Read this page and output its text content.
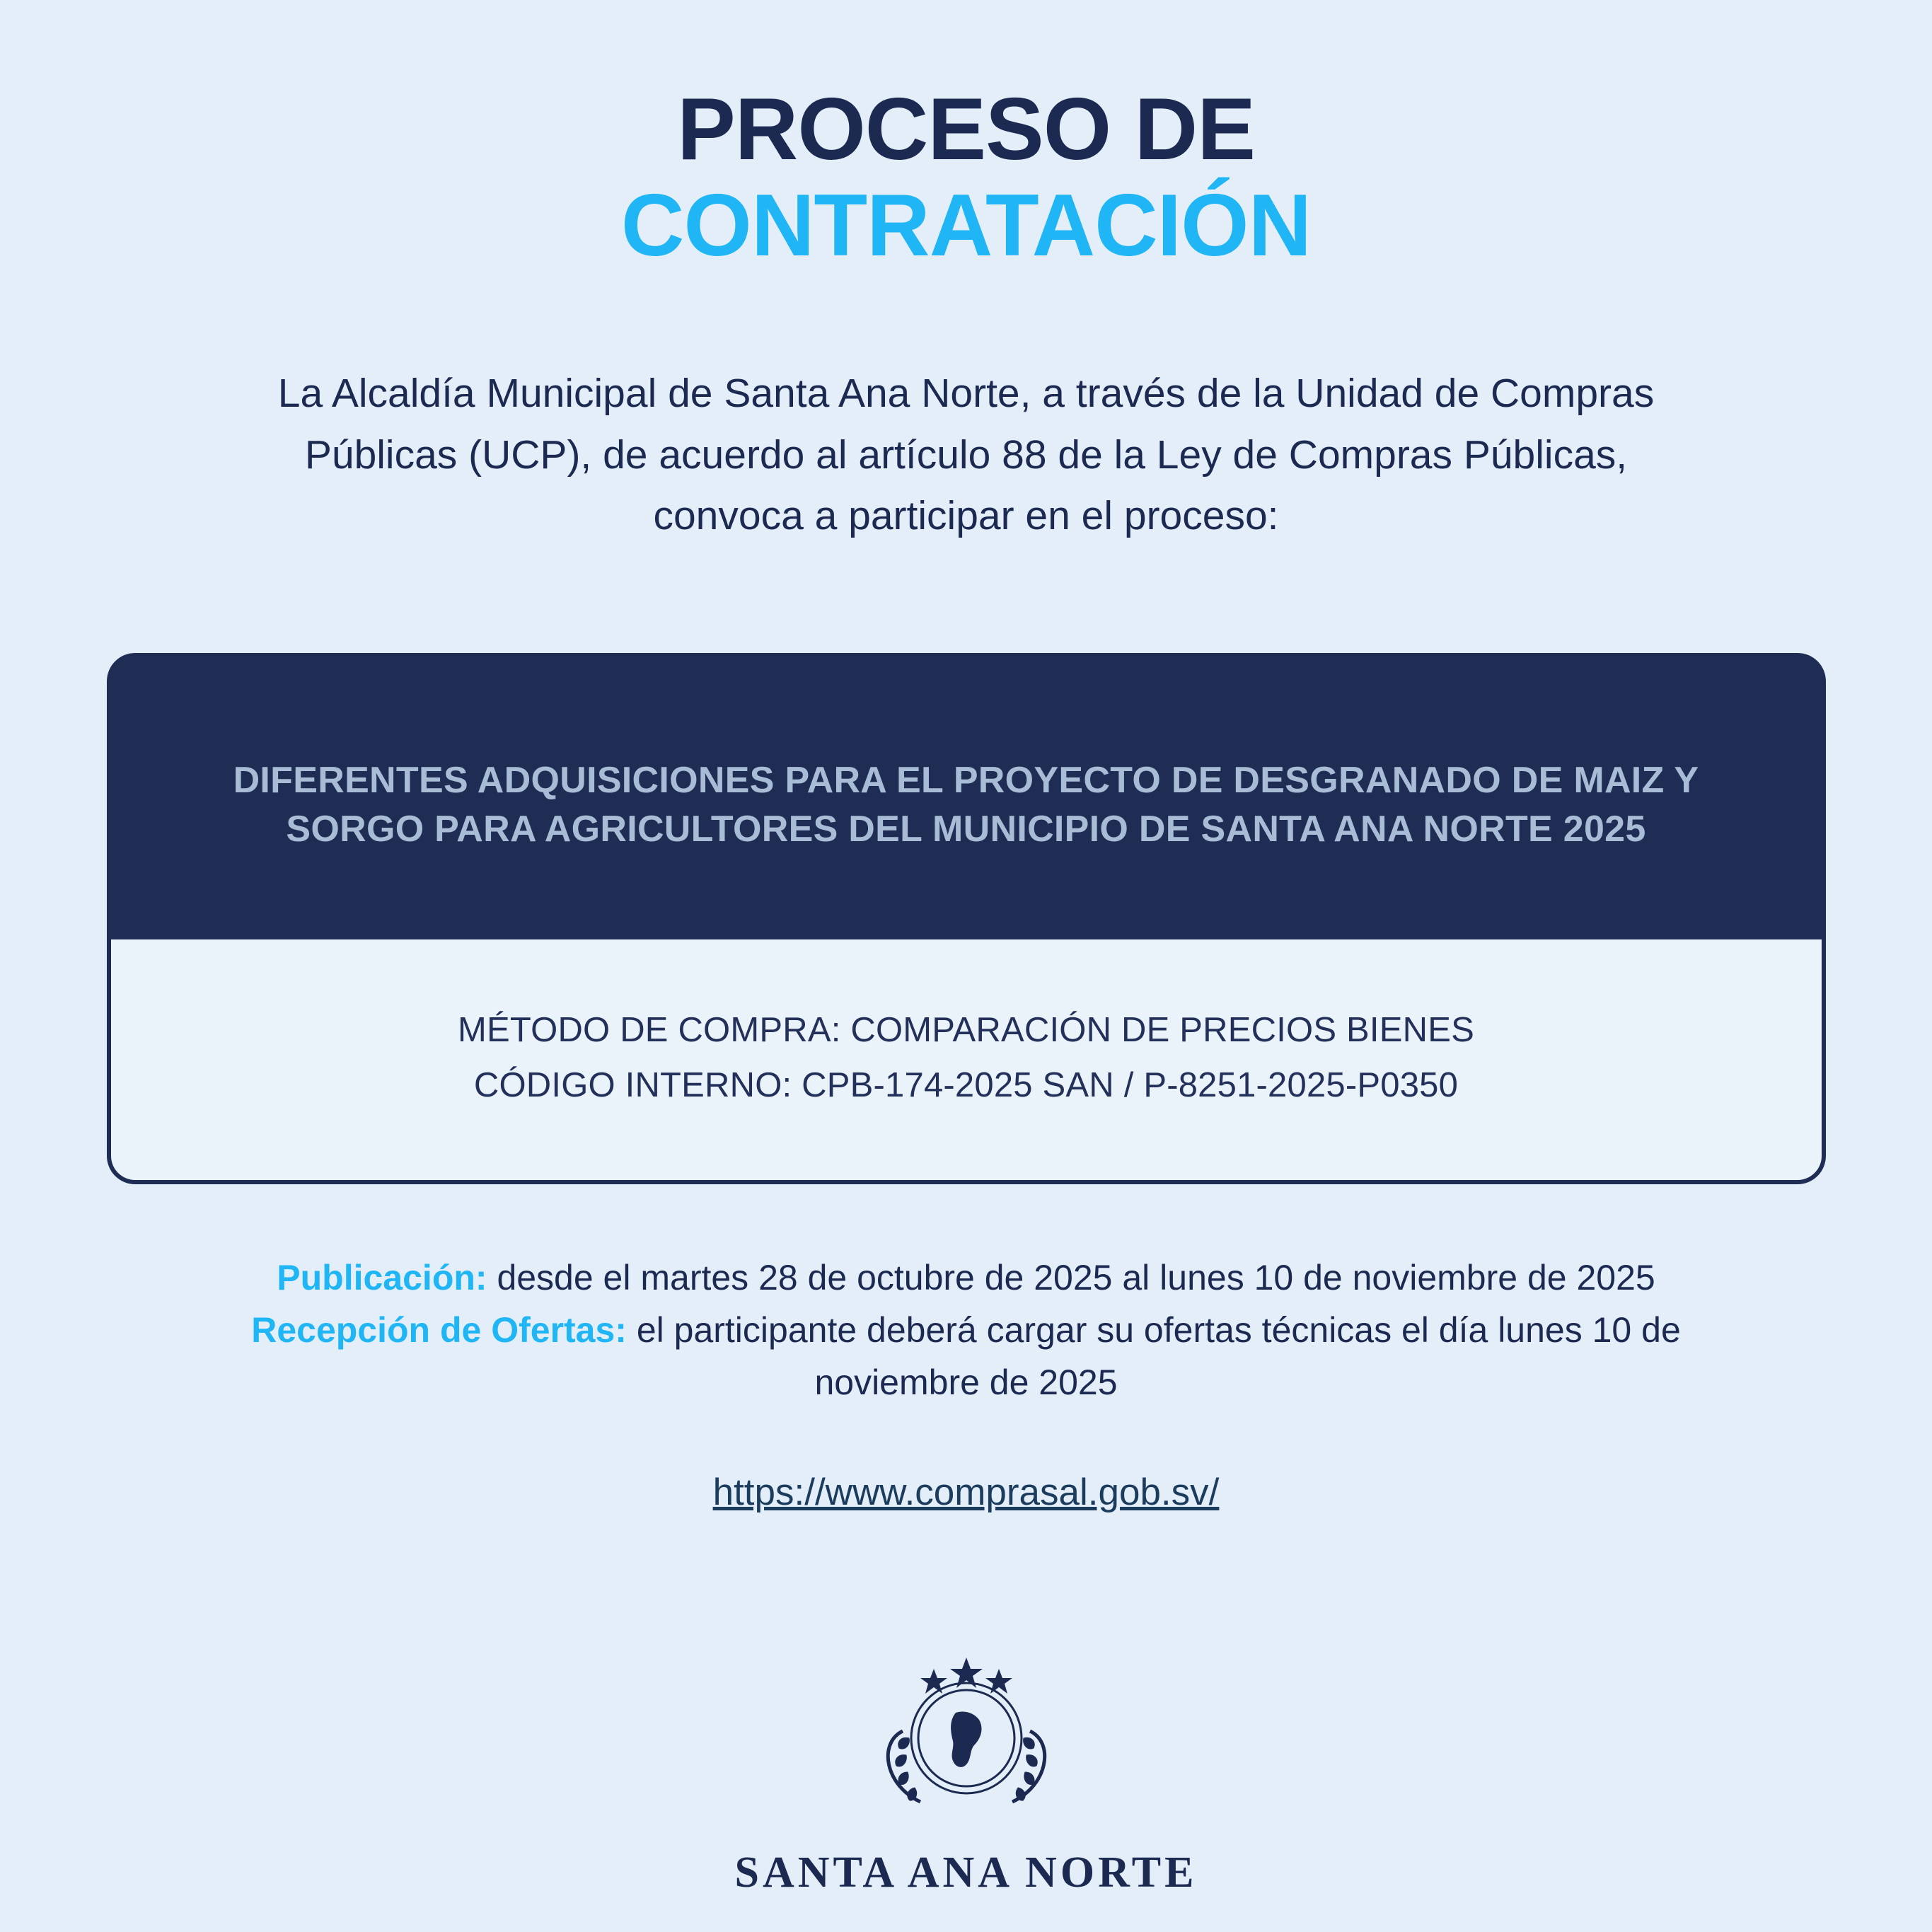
PROCESO DE
CONTRATACIÓN
La Alcaldía Municipal de Santa Ana Norte, a través de la Unidad de Compras Públicas (UCP), de acuerdo al artículo 88 de la Ley de Compras Públicas, convoca a participar en el proceso:
DIFERENTES ADQUISICIONES PARA EL PROYECTO DE DESGRANADO DE MAIZ Y SORGO PARA AGRICULTORES DEL MUNICIPIO DE SANTA ANA NORTE 2025
MÉTODO DE COMPRA: COMPARACIÓN DE PRECIOS BIENES
CÓDIGO INTERNO: CPB-174-2025 SAN / P-8251-2025-P0350
Publicación: desde el martes 28 de octubre de 2025 al lunes 10 de noviembre de 2025
Recepción de Ofertas: el participante deberá cargar su ofertas técnicas el día lunes 10 de noviembre de 2025
https://www.comprasal.gob.sv/
SANTA ANA NORTE
